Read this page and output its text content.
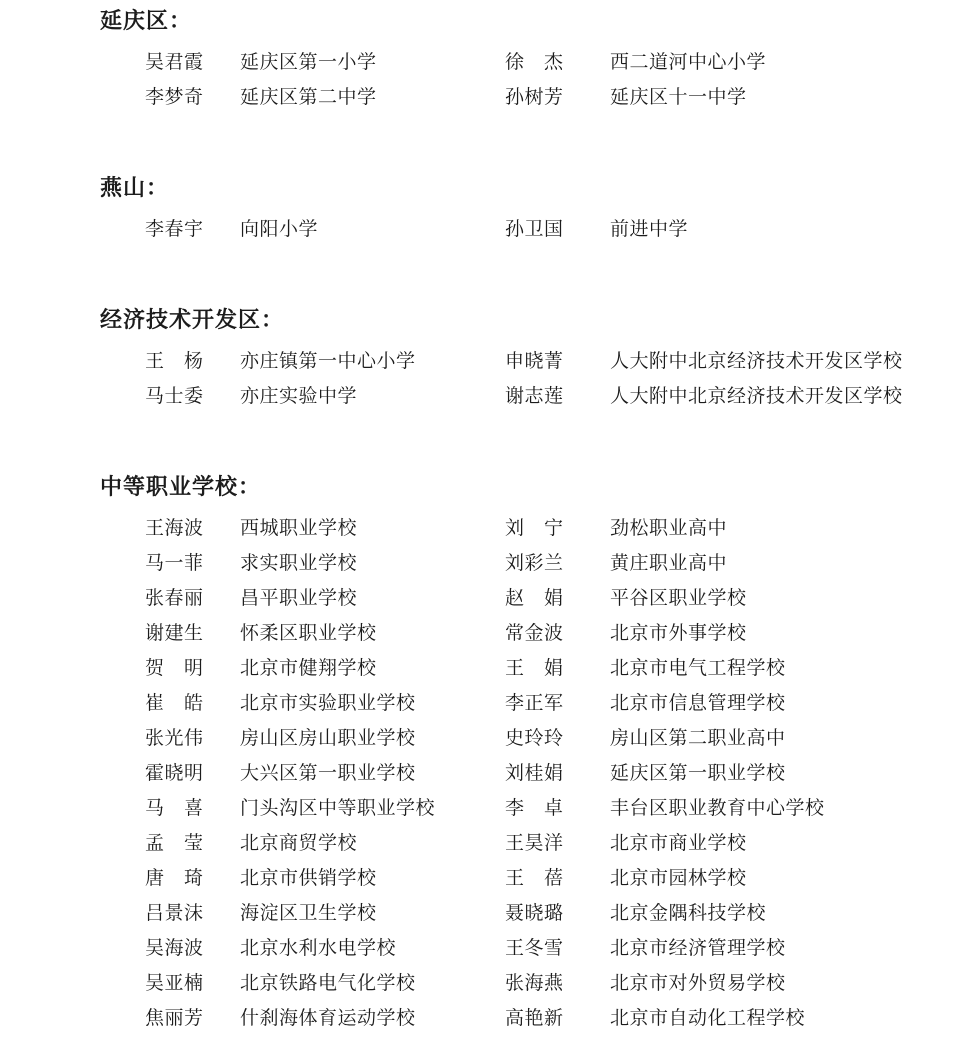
延庆区：
吴君霞	延庆区第一小学	徐　杰	西二道河中心小学
李梦奇	延庆区第二中学	孙树芳	延庆区十一中学
燕山：
李春宇	向阳小学	孙卫国	前进中学
经济技术开发区：
王　杨	亦庄镇第一中心小学	申晓菁	人大附中北京经济技术开发区学校
马士委	亦庄实验中学	谢志莲	人大附中北京经济技术开发区学校
中等职业学校：
王海波	西城职业学校	刘　宁	劲松职业高中
马一菲	求实职业学校	刘彩兰	黄庄职业高中
张春丽	昌平职业学校	赵　娟	平谷区职业学校
谢建生	怀柔区职业学校	常金波	北京市外事学校
贺　明	北京市健翔学校	王　娟	北京市电气工程学校
崔　皓	北京市实验职业学校	李正军	北京市信息管理学校
张光伟	房山区房山职业学校	史玲玲	房山区第二职业高中
霍晓明	大兴区第一职业学校	刘桂娟	延庆区第一职业学校
马　喜	门头沟区中等职业学校	李　卓	丰台区职业教育中心学校
孟　莹	北京商贸学校	王昊洋	北京市商业学校
唐　琦	北京市供销学校	王　蓓	北京市园林学校
吕景沫	海淀区卫生学校	聂晓璐	北京金隅科技学校
吴海波	北京水利水电学校	王冬雪	北京市经济管理学校
吴亚楠	北京铁路电气化学校	张海燕	北京市对外贸易学校
焦丽芳	什刹海体育运动学校	高艳新	北京市自动化工程学校
